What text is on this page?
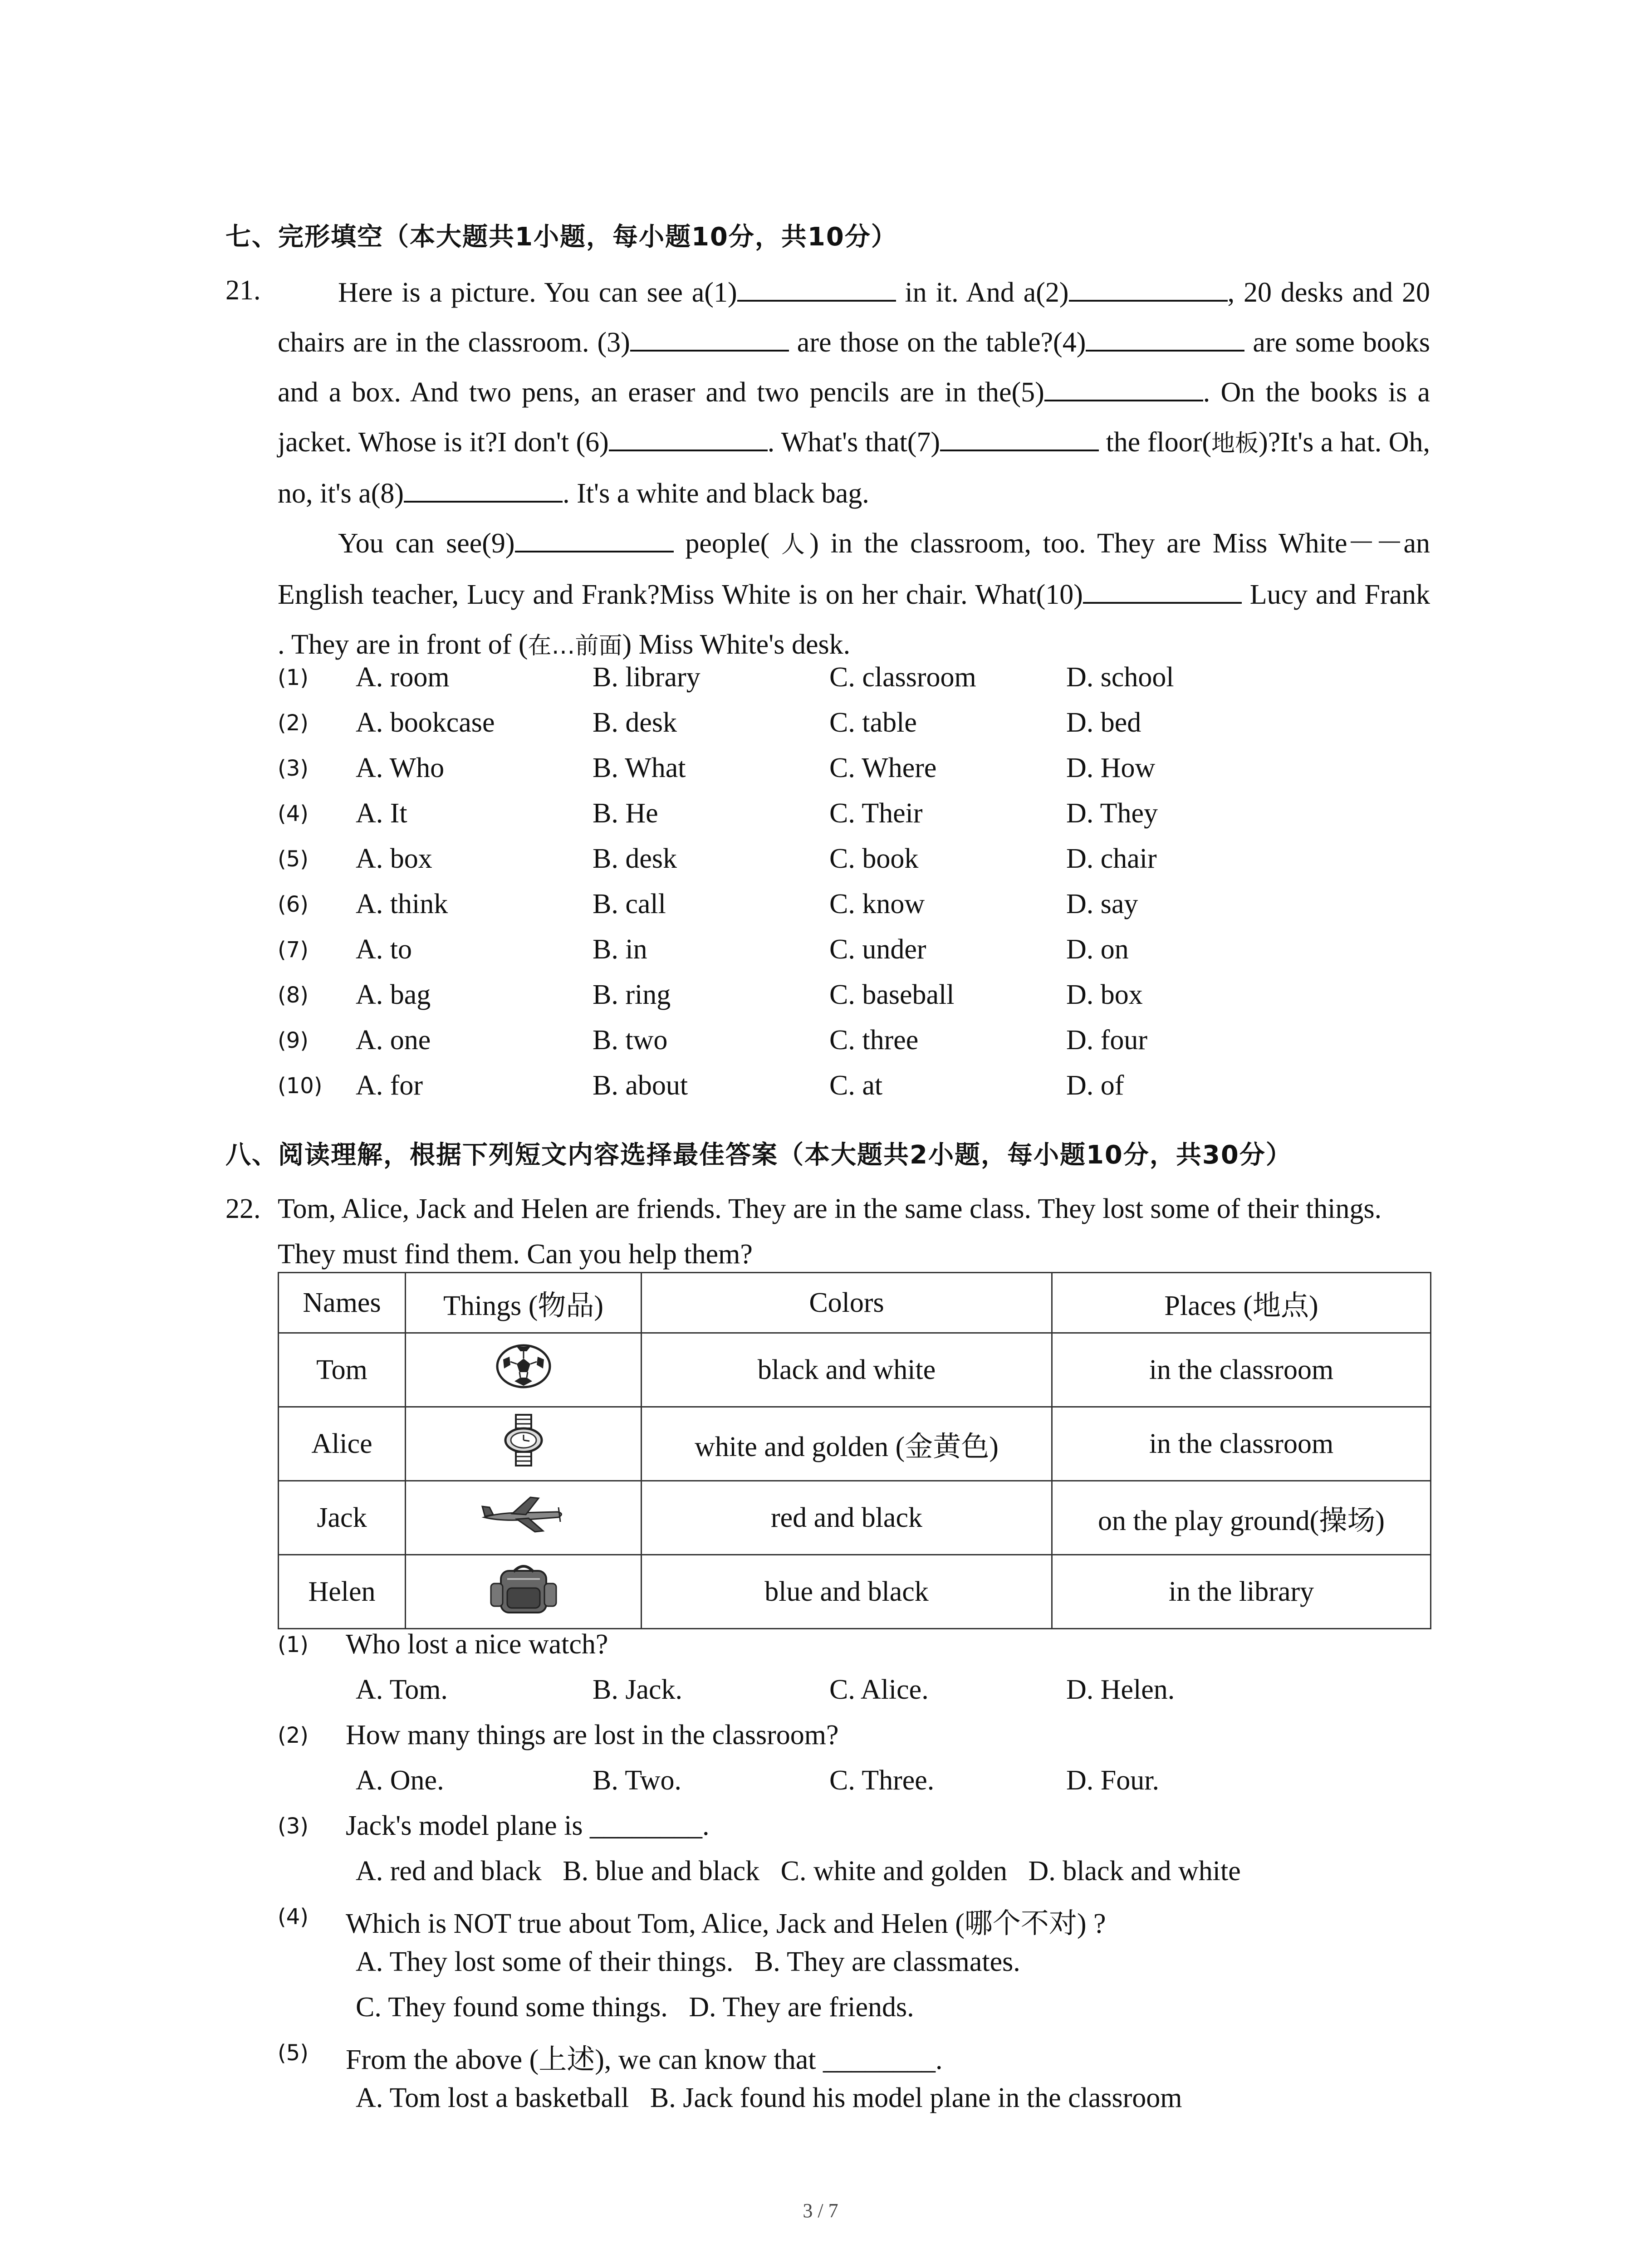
七、完形填空（本大题共1小题，每小题10分，共10分）
21.	Here is a picture. You can see a(1)	in it. And a(2)	, 20 desks and 20 chairs are in the classroom. (3)	are those on the table?(4)	are some books and a box. And two pens, an eraser and two pencils are in the(5)	. On the books is a jacket. Whose is it?I don't (6)	. What's that(7)	the floor(地板)?It's a hat. Oh, no, it's a(8)	. It's a white and black bag.

You can see(9)	people( 人) in the classroom, too. They are Miss White－－an English teacher, Lucy and Frank?Miss White is on her chair. What(10)	Lucy and Frank . They are in front of (在…前面) Miss White's desk.

(1) A. room	B. library	C. classroom	D. school
(2) A. bookcase	B. desk	C. table	D. bed
(3) A. Who	B. What	C. Where	D. How
(4) A. It	B. He	C. Their	D. They
(5) A. box	B. desk	C. book	D. chair
(6) A. think	B. call	C. know	D. say
(7) A. to	B. in	C. under	D. on
(8) A. bag	B. ring	C. baseball	D. box
(9) A. one	B. two	C. three	D. four
(10) A. for	B. about	C. at	D. of
八、阅读理解，根据下列短文内容选择最佳答案（本大题共2小题，每小题10分，共30分）
22. Tom, Alice, Jack and Helen are friends. They are in the same class. They lost some of their things. They must find them. Can you help them?
Names	Things (物品)	Colors	Places (地点)
Tom		black and white	in the classroom
Alice		white and golden (金黄色)	in the classroom
Jack		red and black	on the play ground(操场)
Helen		blue and black	in the library
(1) Who lost a nice watch?
A. Tom.	B. Jack.	C. Alice.	D. Helen.
(2) How many things are lost in the classroom?
A. One.	B. Two.	C. Three.	D. Four.
(3) Jack's model plane is ________.
A. red and black   B. blue and black   C. white and golden   D. black and white
(4) Which is NOT true about Tom, Alice, Jack and Helen (哪个不对) ?
A. They lost some of their things.   B. They are classmates.
C. They found some things.   D. They are friends.
(5) From the above (上述), we can know that ________.
A. Tom lost a basketball   B. Jack found his model plane in the classroom
3 / 7
